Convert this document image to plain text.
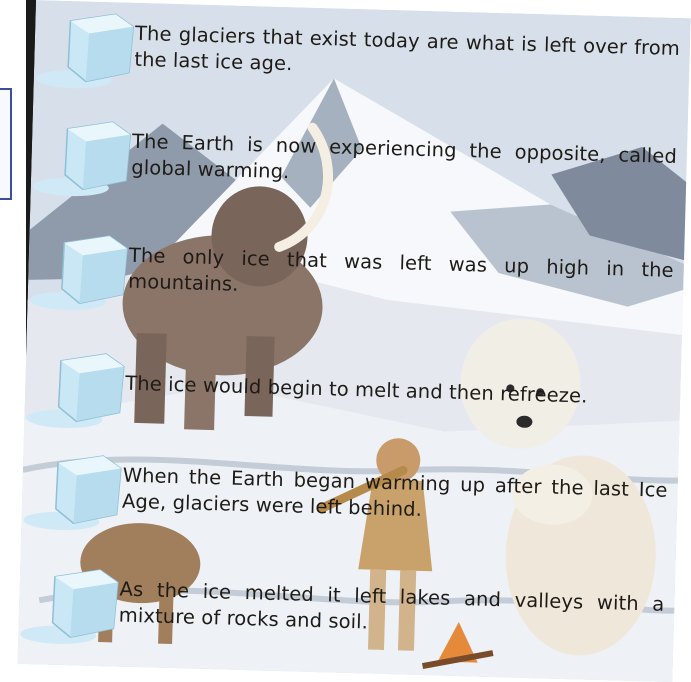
The glaciers that exist today are what is left over from the last ice age.
The Earth is now experiencing the opposite, called global warming.
The only ice that was left was up high in the mountains.
The ice would begin to melt and then refreeze.
When the Earth began warming up after the last Ice Age, glaciers were left behind.
As the ice melted it left lakes and valleys with a mixture of rocks and soil.
